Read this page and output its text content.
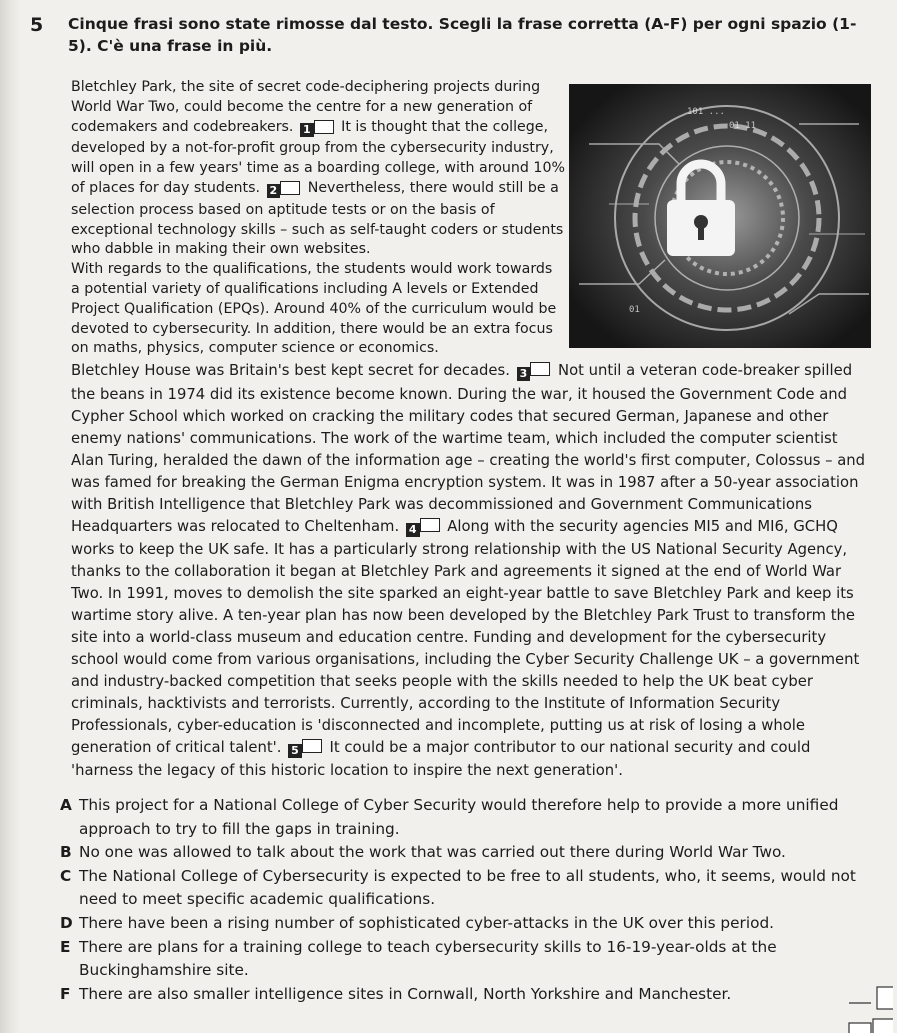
5 Cinque frasi sono state rimosse dal testo. Scegli la frase corretta (A-F) per ogni spazio (1-5). C'è una frase in più.
01 11
101 ...
01
Bletchley Park, the site of secret code-deciphering projects during World War Two, could become the centre for a new generation of codemakers and codebreakers. 1 It is thought that the college, developed by a not-for-profit group from the cybersecurity industry, will open in a few years' time as a boarding college, with around 10% of places for day students. 2 Nevertheless, there would still be a selection process based on aptitude tests or on the basis of exceptional technology skills – such as self-taught coders or students who dabble in making their own websites.
With regards to the qualifications, the students would work towards a potential variety of qualifications including A levels or Extended Project Qualification (EPQs). Around 40% of the curriculum would be devoted to cybersecurity. In addition, there would be an extra focus on maths, physics, computer science or economics.
Bletchley House was Britain's best kept secret for decades. 3 Not until a veteran code-breaker spilled the beans in 1974 did its existence become known. During the war, it housed the Government Code and Cypher School which worked on cracking the military codes that secured German, Japanese and other enemy nations' communications. The work of the wartime team, which included the computer scientist Alan Turing, heralded the dawn of the information age – creating the world's first computer, Colossus – and was famed for breaking the German Enigma encryption system. It was in 1987 after a 50-year association with British Intelligence that Bletchley Park was decommissioned and Government Communications Headquarters was relocated to Cheltenham. 4 Along with the security agencies MI5 and MI6, GCHQ works to keep the UK safe. It has a particularly strong relationship with the US National Security Agency, thanks to the collaboration it began at Bletchley Park and agreements it signed at the end of World War Two. In 1991, moves to demolish the site sparked an eight-year battle to save Bletchley Park and keep its wartime story alive. A ten-year plan has now been developed by the Bletchley Park Trust to transform the site into a world-class museum and education centre. Funding and development for the cybersecurity school would come from various organisations, including the Cyber Security Challenge UK – a government and industry-backed competition that seeks people with the skills needed to help the UK beat cyber criminals, hacktivists and terrorists. Currently, according to the Institute of Information Security Professionals, cyber-education is 'disconnected and incomplete, putting us at risk of losing a whole generation of critical talent'. 5 It could be a major contributor to our national security and could 'harness the legacy of this historic location to inspire the next generation'.
A This project for a National College of Cyber Security would therefore help to provide a more unified approach to try to fill the gaps in training.
B No one was allowed to talk about the work that was carried out there during World War Two.
C The National College of Cybersecurity is expected to be free to all students, who, it seems, would not need to meet specific academic qualifications.
D There have been a rising number of sophisticated cyber-attacks in the UK over this period.
E There are plans for a training college to teach cybersecurity skills to 16-19-year-olds at the Buckinghamshire site.
F There are also smaller intelligence sites in Cornwall, North Yorkshire and Manchester.
